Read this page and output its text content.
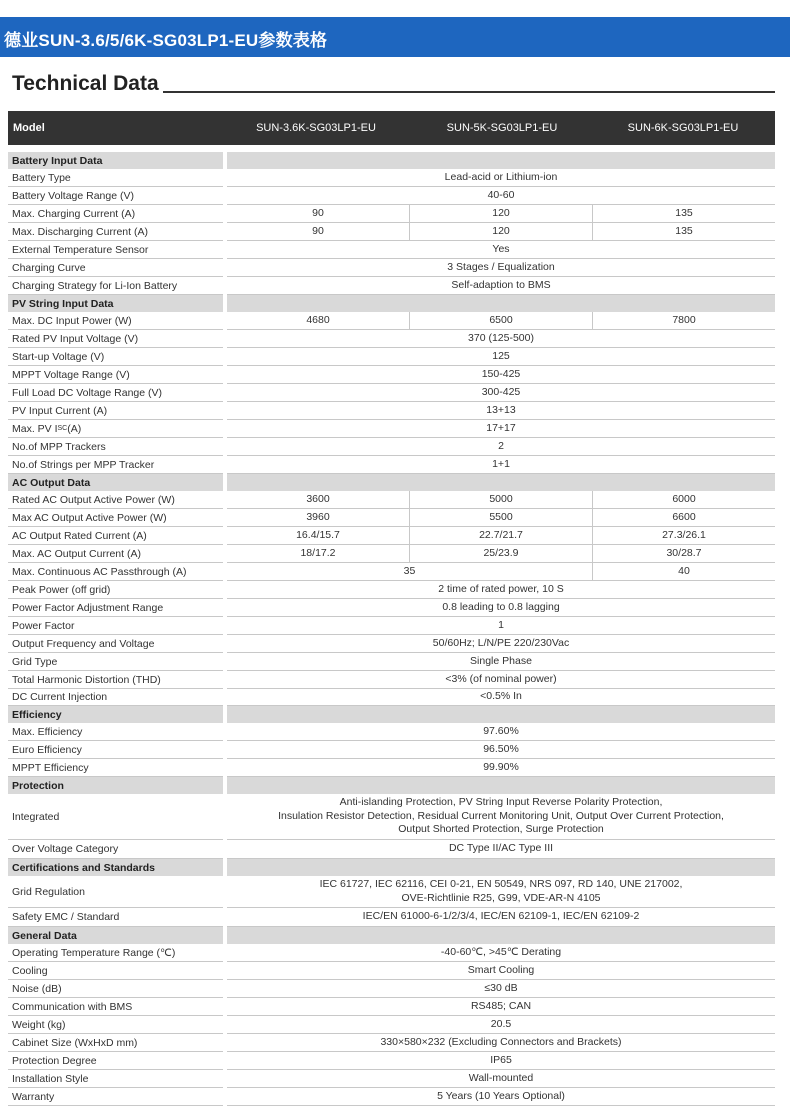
德业SUN-3.6/5/6K-SG03LP1-EU参数表格
Technical Data
Model	SUN-3.6K-SG03LP1-EU	SUN-5K-SG03LP1-EU	SUN-6K-SG03LP1-EU
Battery Input Data
Battery Type	Lead-acid or Lithium-ion
Battery Voltage Range (V)	40-60
Max. Charging Current (A)	90	120	135
Max. Discharging Current (A)	90	120	135
External Temperature Sensor	Yes
Charging Curve	3 Stages / Equalization
Charging Strategy for Li-Ion Battery	Self-adaption to BMS
PV String Input Data
Max. DC Input Power (W)	4680	6500	7800
Rated PV Input Voltage (V)	370 (125-500)
Start-up Voltage (V)	125
MPPT Voltage Range (V)	150-425
Full Load DC Voltage Range (V)	300-425
PV Input Current (A)	13+13
Max. PV I SC (A)	17+17
No.of MPP Trackers	2
No.of Strings per MPP Tracker	1+1
AC Output Data
Rated AC Output Active Power (W)	3600	5000	6000
Max AC Output Active Power (W)	3960	5500	6600
AC Output Rated Current (A)	16.4/15.7	22.7/21.7	27.3/26.1
Max. AC Output Current (A)	18/17.2	25/23.9	30/28.7
Max. Continuous AC Passthrough (A)	35	40
Peak Power (off grid)	2 time of rated power, 10 S
Power Factor Adjustment Range	0.8 leading to 0.8 lagging
Power Factor	1
Output Frequency and Voltage	50/60Hz; L/N/PE 220/230Vac
Grid Type	Single Phase
Total Harmonic Distortion (THD)	<3% (of nominal power)
DC Current Injection	<0.5% In
Efficiency
Max. Efficiency	97.60%
Euro Efficiency	96.50%
MPPT Efficiency	99.90%
Protection
Integrated
Anti-islanding Protection, PV String Input Reverse Polarity Protection,
Insulation Resistor Detection, Residual Current Monitoring Unit, Output Over Current Protection,
Output Shorted Protection, Surge Protection
Over Voltage Category	DC Type II/AC Type III
Certifications and Standards
Grid Regulation
IEC 61727, IEC 62116, CEI 0-21, EN 50549, NRS 097, RD 140, UNE 217002,
OVE-Richtlinie R25, G99, VDE-AR-N 4105
Safety EMC / Standard	IEC/EN 61000-6-1/2/3/4, IEC/EN 62109-1, IEC/EN 62109-2
General Data
Operating Temperature Range (℃)	-40-60℃, >45℃ Derating
Cooling	Smart Cooling
Noise (dB)	≤30 dB
Communication with BMS	RS485; CAN
Weight (kg)	20.5
Cabinet Size (WxHxD mm)	330×580×232 (Excluding Connectors and Brackets)
Protection Degree	IP65
Installation Style	Wall-mounted
Warranty	5 Years (10 Years Optional)
